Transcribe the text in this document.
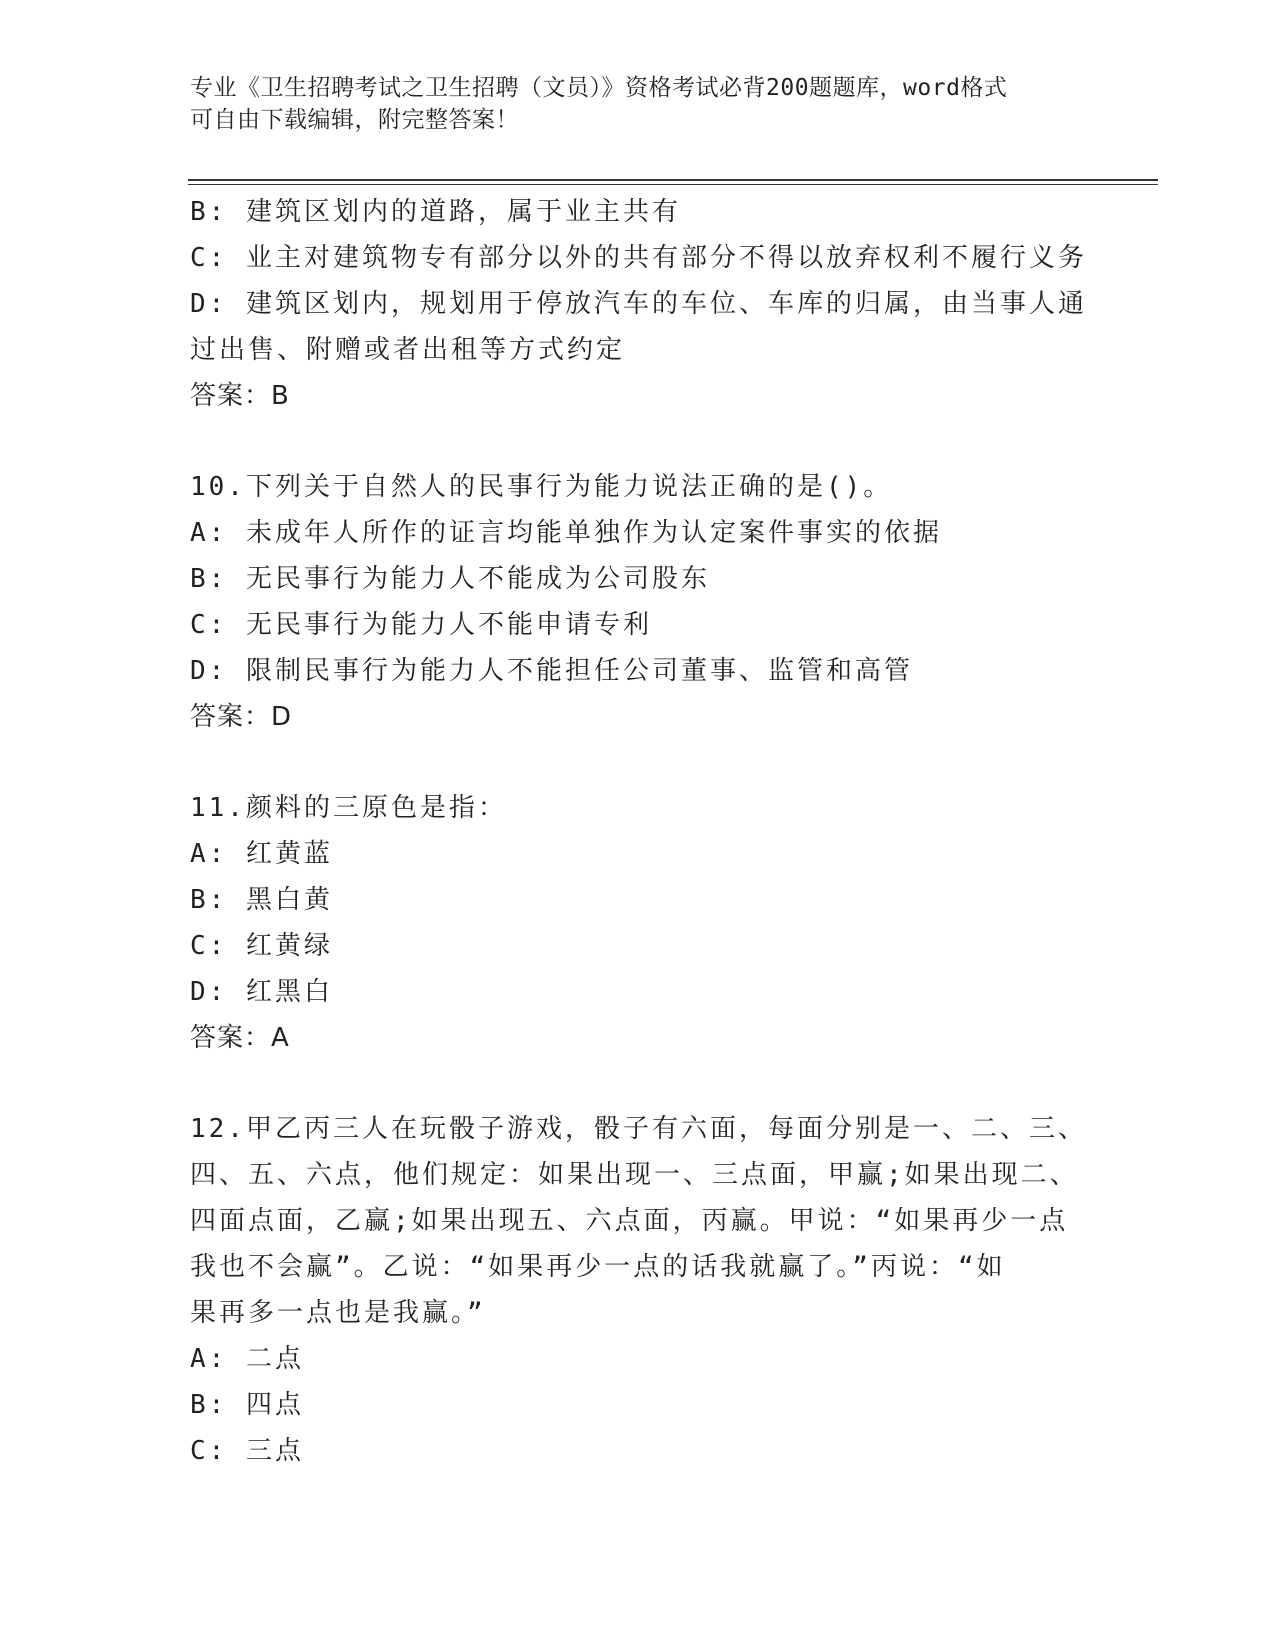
专业《卫生招聘考试之卫生招聘（文员）》资格考试必背200题题库，word格式
可自由下载编辑，附完整答案！

B: 建筑区划内的道路，属于业主共有

C: 业主对建筑物专有部分以外的共有部分不得以放弃权利不履行义务

D: 建筑区划内，规划用于停放汽车的车位、车库的归属，由当事人通

过出售、附赠或者出租等方式约定

答案：B

10.下列关于自然人的民事行为能力说法正确的是()。

A: 未成年人所作的证言均能单独作为认定案件事实的依据

B: 无民事行为能力人不能成为公司股东

C: 无民事行为能力人不能申请专利

D: 限制民事行为能力人不能担任公司董事、监管和高管

答案：D

11.颜料的三原色是指：

A: 红黄蓝

B: 黑白黄

C: 红黄绿

D: 红黑白

答案：A

12.甲乙丙三人在玩骰子游戏，骰子有六面，每面分别是一、二、三、

四、五、六点，他们规定：如果出现一、三点面，甲赢;如果出现二、

四面点面，乙赢;如果出现五、六点面，丙赢。甲说：“如果再少一点

我也不会赢”。乙说：“如果再少一点的话我就赢了。”丙说：“如

果再多一点也是我赢。”

A: 二点

B: 四点

C: 三点
